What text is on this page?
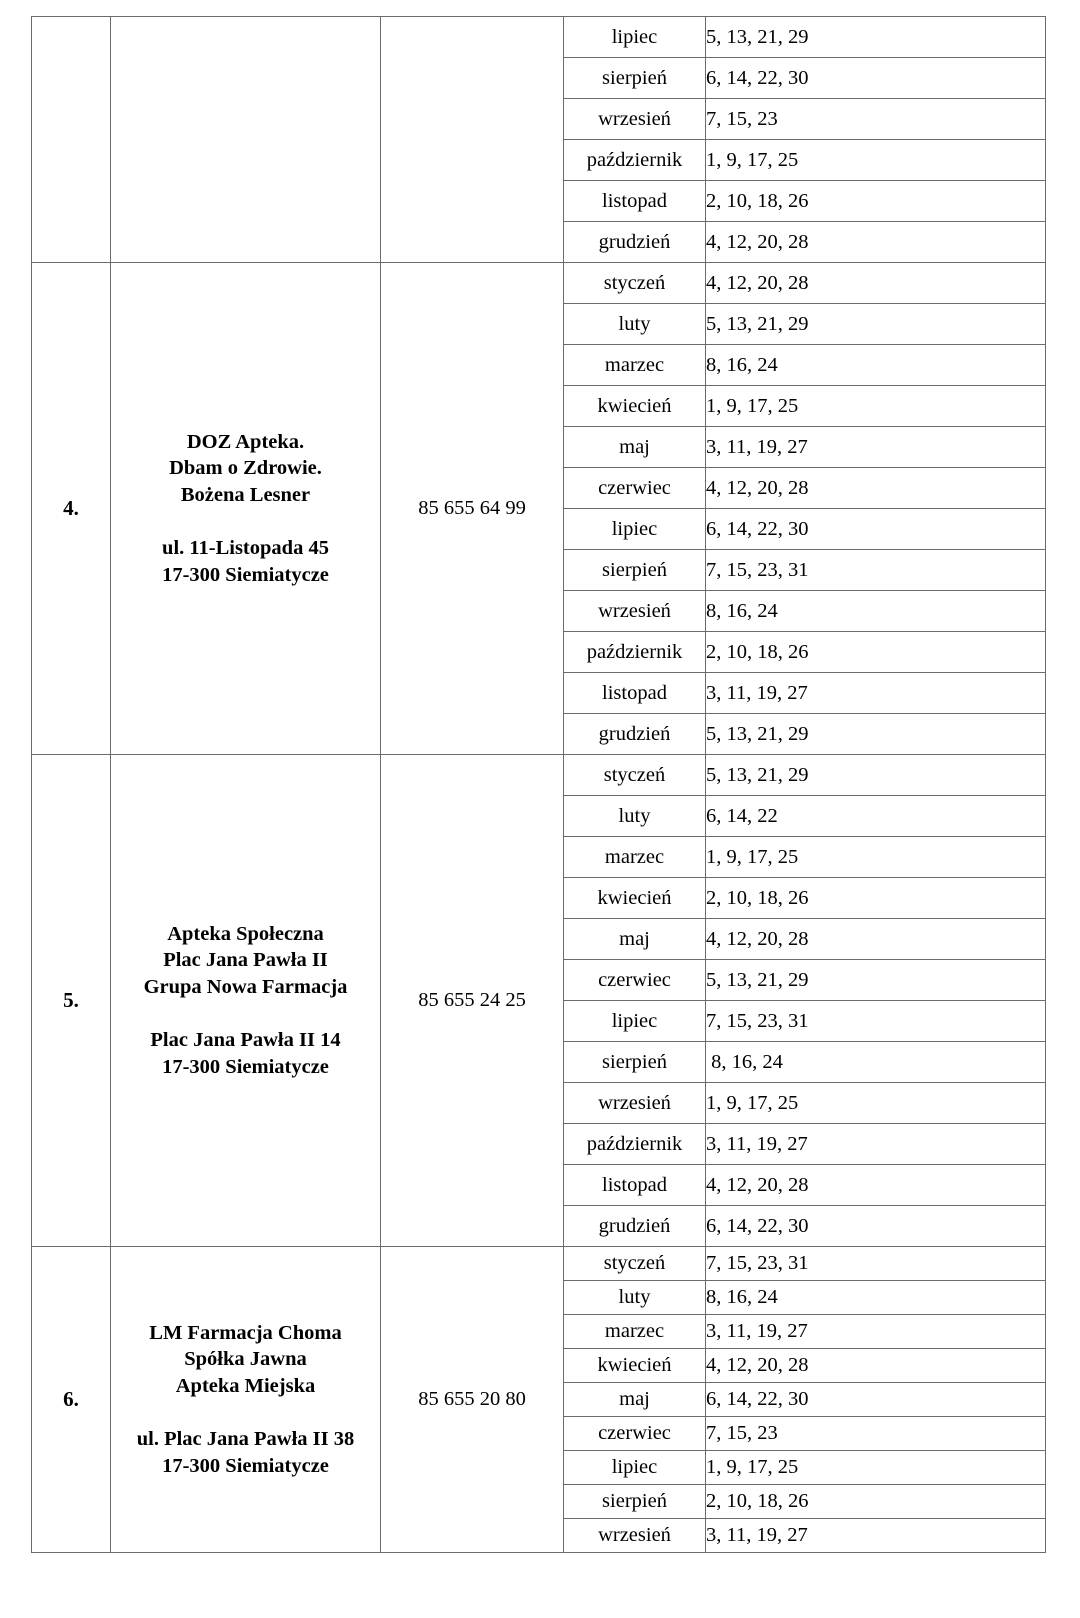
			lipiec	5, 13, 21, 29
			sierpień	6, 14, 22, 30
			wrzesień	7, 15, 23
			październik	1, 9, 17, 25
			listopad	2, 10, 18, 26
			grudzień	4, 12, 20, 28
4.	DOZ Apteka.
Dbam o Zdrowie.
Bożena Lesner

ul. 11-Listopada 45
17-300 Siemiatycze	85 655 64 99	styczeń	4, 12, 20, 28
			luty	5, 13, 21, 29
			marzec	8, 16, 24
			kwiecień	1, 9, 17, 25
			maj	3, 11, 19, 27
			czerwiec	4, 12, 20, 28
			lipiec	6, 14, 22, 30
			sierpień	7, 15, 23, 31
			wrzesień	8, 16, 24
			październik	2, 10, 18, 26
			listopad	3, 11, 19, 27
			grudzień	5, 13, 21, 29
5.	Apteka Społeczna
Plac Jana Pawła II
Grupa Nowa Farmacja

Plac Jana Pawła II 14
17-300 Siemiatycze	85 655 24 25	styczeń	5, 13, 21, 29
			luty	6, 14, 22
			marzec	1, 9, 17, 25
			kwiecień	2, 10, 18, 26
			maj	4, 12, 20, 28
			czerwiec	5, 13, 21, 29
			lipiec	7, 15, 23, 31
			sierpień	8, 16, 24
			wrzesień	1, 9, 17, 25
			październik	3, 11, 19, 27
			listopad	4, 12, 20, 28
			grudzień	6, 14, 22, 30
6.	LM Farmacja Choma
Spółka Jawna
Apteka Miejska

ul. Plac Jana Pawła II 38
17-300 Siemiatycze	85 655 20 80	styczeń	7, 15, 23, 31
			luty	8, 16, 24
			marzec	3, 11, 19, 27
			kwiecień	4, 12, 20, 28
			maj	6, 14, 22, 30
			czerwiec	7, 15, 23
			lipiec	1, 9, 17, 25
			sierpień	2, 10, 18, 26
			wrzesień	3, 11, 19, 27
